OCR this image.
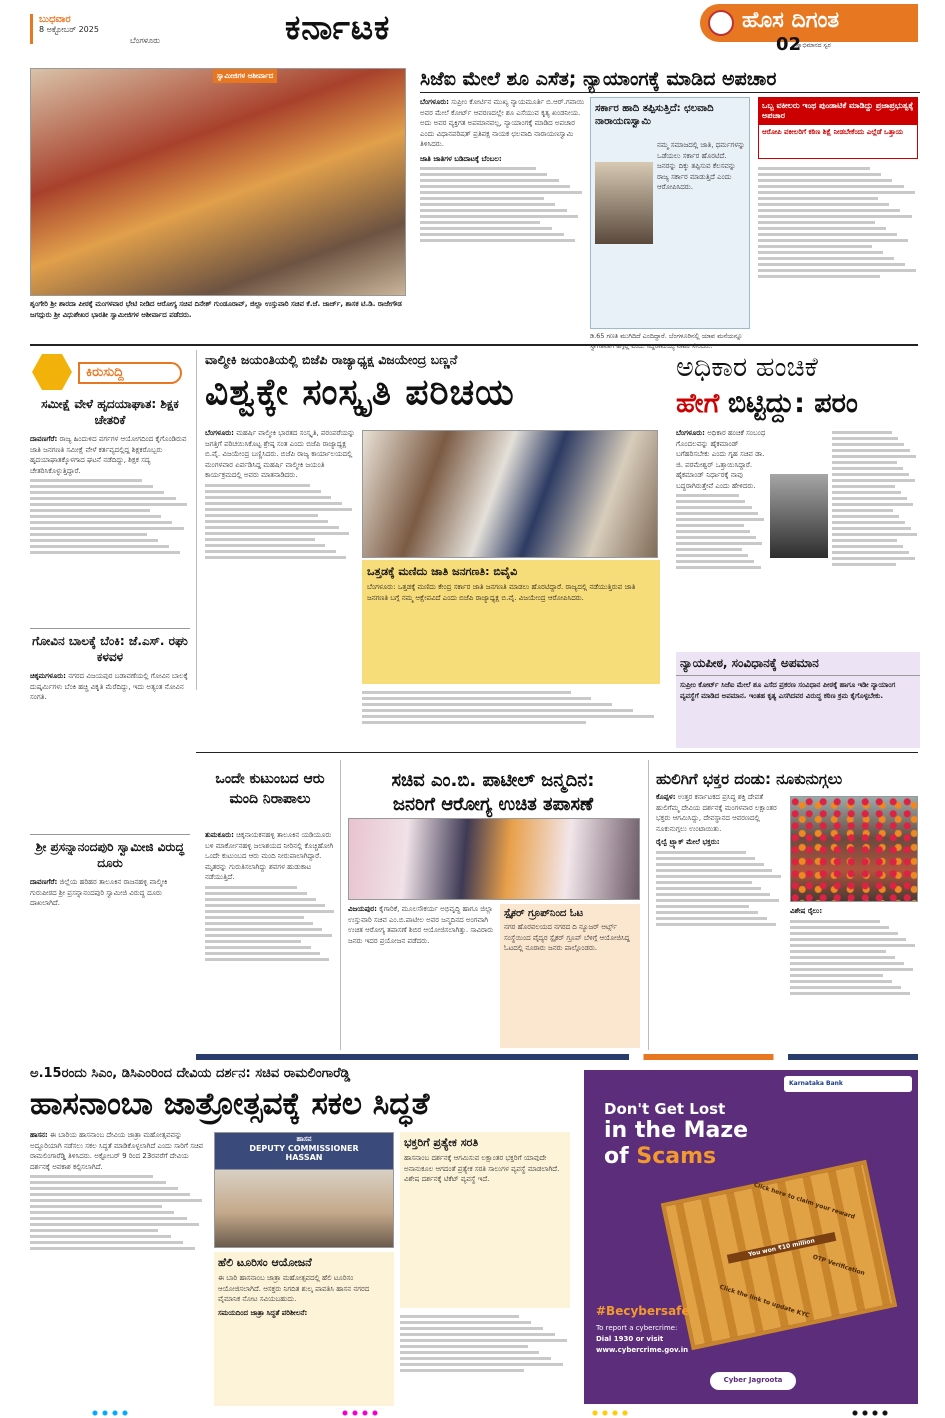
ಬುಧವಾರ
8 ಅಕ್ಟೋಬರ್ 2025
ಬೆಂಗಳೂರು	ಕರ್ನಾಟಕ	ಹೊಸ ದಿಗಂತ
ಸ್ವಾಭಿಮಾನದ ಸ್ವರ
02
ಸ್ವಾಮೀಜಿಗಳ ಆಶೀರ್ವಾದ
ಶೃಂಗೇರಿ ಶ್ರೀ ಶಾರದಾ ಪೀಠಕ್ಕೆ ಮಂಗಳವಾರ ಭೇಟಿ ನೀಡಿದ ಆರೋಗ್ಯ ಸಚಿವ ದಿನೇಶ್ ಗುಂಡೂರಾವ್, ಜಿಲ್ಲಾ ಉಸ್ತುವಾರಿ ಸಚಿವ ಕೆ.ಜೆ. ಜಾರ್ಜ್, ಶಾಸಕ ಟಿ.ಡಿ. ರಾಜೇಗೌಡ ಜಗದ್ಗುರು ಶ್ರೀ ವಿಧುಶೇಖರ ಭಾರತೀ ಸ್ವಾಮೀಜಿಗಳ ಆಶೀರ್ವಾದ ಪಡೆದರು.
ಸಿಜೆಐ ಮೇಲೆ ಶೂ ಎಸೆತ; ನ್ಯಾಯಾಂಗಕ್ಕೆ ಮಾಡಿದ ಅಪಚಾರ
ಬೆಂಗಳೂರು: ಸುಪ್ರೀಂ ಕೋರ್ಟಿನ ಮುಖ್ಯ ನ್ಯಾಯಮೂರ್ತಿ ಬಿ.ಆರ್.ಗವಾಯಿ ಅವರ ಮೇಲೆ ಕೋರ್ಟ್ ಆವರಣದಲ್ಲೇ ಶೂ ಎಸೆಯುವ ಕೃತ್ಯ ಖಂಡನೀಯ. ಅದು ಅವರ ವ್ಯಕ್ತಿಗತ ಅಪಮಾನವಲ್ಲ, ನ್ಯಾಯಾಂಗಕ್ಕೆ ಮಾಡಿದ ಅಪಚಾರ ಎಂದು ವಿಧಾನಪರಿಷತ್ ಪ್ರತಿಪಕ್ಷ ನಾಯಕ ಛಲವಾದಿ ನಾರಾಯಣಸ್ವಾಮಿ ತಿಳಿಸಿದರು.
ಜಾತಿ ಜಾತಿಗಳ ಬಡಿದಾಟಕ್ಕೆ ಬೆಂಬಲ:
ಸರ್ಕಾರ ಹಾದಿ ತಪ್ಪಿಸುತ್ತಿದೆ: ಛಲವಾದಿ ನಾರಾಯಣಸ್ವಾಮಿ
ನಮ್ಮ ಸಮಾಜದಲ್ಲಿ ಜಾತಿ, ಧರ್ಮಗಳನ್ನು ಒಡೆಯಲು ಸರ್ಕಾರ ಹೊರಟಿದೆ. ಜನರನ್ನು ದಿಕ್ಕು ತಪ್ಪಿಸುವ ಕೆಲಸವನ್ನು ರಾಜ್ಯ ಸರ್ಕಾರ ಮಾಡುತ್ತಿದೆ ಎಂದು ಆರೋಪಿಸಿದರು.
ಒಬ್ಬ ವಕೀಲರು ಇಂಥ ಪುಂಡಾಟಿಕೆ ಮಾಡಿದ್ದು ಪ್ರಜಾಪ್ರಭುತ್ವಕ್ಕೆ ಅಪಚಾರ
ಆರೋಪಿ ವಕೀಲರಿಗೆ ಕಠಿಣ ಶಿಕ್ಷೆ ನೀಡಬೇಕೆಂದು ಎಲ್ಲೆಡೆ ಒತ್ತಾಯ
ಡಿ.65 ಗಣತಿ ಮುಗಿದಿದೆ ಎಂದಿದ್ದಾರೆ. ಬೆಂಗಳೂರಿನಲ್ಲಿ ಯಾವ ಮನೆಯನ್ನೂ
ಕಿರುಸುದ್ದಿ
ಸಮೀಕ್ಷೆ ವೇಳೆ ಹೃದಯಾಘಾತ: ಶಿಕ್ಷಕ ಚೇತರಿಕೆ
ದಾವಣಗೆರೆ: ರಾಜ್ಯ ಹಿಂದುಳಿದ ವರ್ಗಗಳ ಆಯೋಗದಿಂದ ಕೈಗೊಂಡಿರುವ ಜಾತಿ ಜನಗಣತಿ ಸಮೀಕ್ಷೆ ವೇಳೆ ಕರ್ತವ್ಯದಲ್ಲಿದ್ದ ಶಿಕ್ಷಕರೊಬ್ಬರು ಹೃದಯಾಘಾತಕ್ಕೊಳಗಾದ ಘಟನೆ ನಡೆದಿದ್ದು, ಶಿಕ್ಷಕ ಸದ್ಯ ಚೇತರಿಸಿಕೊಳ್ಳುತ್ತಿದ್ದಾರೆ.
ಗೋವಿನ ಬಾಲಕ್ಕೆ ಬೆಂಕಿ: ಜೆ.ಎಸ್. ರಘು ಕಳವಳ
ಚಿಕ್ಕಮಗಳೂರು: ನಗರದ ವಿಜಯಪುರ ಬಡಾವಣೆಯಲ್ಲಿ ಗೋವಿನ ಬಾಲಕ್ಕೆ ದುಷ್ಕರ್ಮಿಗಳು ಬೆಂಕಿ ಹಚ್ಚಿ ವಿಕೃತಿ ಮೆರೆದಿದ್ದು, ಇದು ಅತ್ಯಂತ ನೋವಿನ ಸಂಗತಿ.
ಶ್ರೀ ಪ್ರಸನ್ನಾನಂದಪುರಿ ಸ್ವಾಮೀಜಿ ವಿರುದ್ಧ ದೂರು
ದಾವಣಗೆರೆ: ಜಿಲ್ಲೆಯ ಹರಿಹರ ತಾಲೂಕಿನ ರಾಜನಹಳ್ಳಿ ವಾಲ್ಮೀಕಿ ಗುರುಪೀಠದ ಶ್ರೀ ಪ್ರಸನ್ನಾನಂದಪುರಿ ಸ್ವಾಮೀಜಿ ವಿರುದ್ಧ ದೂರು ದಾಖಲಾಗಿದೆ.
ವಾಲ್ಮೀಕಿ ಜಯಂತಿಯಲ್ಲಿ ಬಿಜೆಪಿ ರಾಜ್ಯಾಧ್ಯಕ್ಷ ವಿಜಯೇಂದ್ರ ಬಣ್ಣನೆ
ವಿಶ್ವಕ್ಕೇ ಸಂಸ್ಕೃತಿ ಪರಿಚಯ
ಬೆಂಗಳೂರು: ಮಹರ್ಷಿ ವಾಲ್ಮೀಕಿ ಭಾರತದ ಸಂಸ್ಕೃತಿ, ಪರಂಪರೆಯನ್ನು ಜಗತ್ತಿಗೆ ಪರಿಚಯಿಸಿಕೊಟ್ಟ ಶ್ರೇಷ್ಠ ಸಂತ ಎಂದು ಬಿಜೆಪಿ ರಾಜ್ಯಾಧ್ಯಕ್ಷ ಬಿ.ವೈ. ವಿಜಯೇಂದ್ರ ಬಣ್ಣಿಸಿದರು. ಬಿಜೆಪಿ ರಾಜ್ಯ ಕಾರ್ಯಾಲಯದಲ್ಲಿ ಮಂಗಳವಾರ ಏರ್ಪಡಿಸಿದ್ದ ಮಹರ್ಷಿ ವಾಲ್ಮೀಕಿ ಜಯಂತಿ ಕಾರ್ಯಕ್ರಮದಲ್ಲಿ ಅವರು ಮಾತನಾಡಿದರು.
ಒತ್ತಡಕ್ಕೆ ಮಣಿದು ಜಾತಿ ಜನಗಣತಿ: ಬಿವೈವಿ
ಬೆಂಗಳೂರು: ಒತ್ತಡಕ್ಕೆ ಮಣಿದು ಕೇಂದ್ರ ಸರ್ಕಾರ ಜಾತಿ ಜನಗಣತಿ ಮಾಡಲು ಹೊರಟಿದ್ದಾರೆ. ರಾಜ್ಯದಲ್ಲಿ ನಡೆಯುತ್ತಿರುವ ಜಾತಿ ಜನಗಣತಿ ಬಗ್ಗೆ ನಮ್ಮ ಆಕ್ಷೇಪವಿದೆ ಎಂದು ಬಿಜೆಪಿ ರಾಜ್ಯಾಧ್ಯಕ್ಷ ಬಿ.ವೈ. ವಿಜಯೇಂದ್ರ ಆರೋಪಿಸಿದರು.
ಅಧಿಕಾರ ಹಂಚಿಕೆ
ಹೇಗೆ ಬಿಟ್ಟಿದ್ದು: ಪರಂ
ಬೆಂಗಳೂರು: ಅಧಿಕಾರ ಹಂಚಿಕೆ ಸಂಬಂಧ ಗೊಂದಲವನ್ನು ಹೈಕಮಾಂಡ್ ಬಗೆಹರಿಸಬೇಕು ಎಂದು ಗೃಹ ಸಚಿವ ಡಾ. ಜಿ. ಪರಮೇಶ್ವರ್ ಒತ್ತಾಯಿಸಿದ್ದಾರೆ. ಹೈಕಮಾಂಡ್ ನಿರ್ಧಾರಕ್ಕೆ ನಾವು ಬದ್ಧರಾಗಿರುತ್ತೇವೆ ಎಂದು ಹೇಳಿದರು.
ನ್ಯಾಯಪೀಠ, ಸಂವಿಧಾನಕ್ಕೆ ಅಪಮಾನ
ಸುಪ್ರೀಂ ಕೋರ್ಟ್ ಸಿಜೆಐ ಮೇಲೆ ಶೂ ಎಸೆದ ಪ್ರಕರಣ ಸಂವಿಧಾನ ಪೀಠಕ್ಕೆ ಹಾಗೂ ಇಡೀ ನ್ಯಾಯಾಂಗ ವ್ಯವಸ್ಥೆಗೆ ಮಾಡಿದ ಅಪಮಾನ. ಇಂತಹ ಕೃತ್ಯ ಎಸಗಿದವರ ವಿರುದ್ಧ ಕಠಿಣ ಕ್ರಮ ಕೈಗೊಳ್ಳಬೇಕು.
ಒಂದೇ ಕುಟುಂಬದ ಆರು ಮಂದಿ ನಿರಾಪಾಲು
ತುಮಕೂರು: ಚಿಕ್ಕನಾಯಕನಹಳ್ಳಿ ತಾಲೂಕಿನ ಯಡಿಯೂರು ಬಳಿ ಮಾರ್ಕೋನಹಳ್ಳಿ ಜಲಾಶಯದ ನೀರಿನಲ್ಲಿ ಕೊಚ್ಚಿಹೋಗಿ ಒಂದೇ ಕುಟುಂಬದ ಆರು ಮಂದಿ ನೀರುಪಾಲಾಗಿದ್ದಾರೆ. ಮೃತರನ್ನು ಗುರುತಿಸಲಾಗಿದ್ದು ಶವಗಳ ಹುಡುಕಾಟ ನಡೆಯುತ್ತಿದೆ.
ಸಚಿವ ಎಂ.ಬಿ. ಪಾಟೀಲ್ ಜನ್ಮದಿನ:
ಜನರಿಗೆ ಆರೋಗ್ಯ ಉಚಿತ ತಪಾಸಣೆ
ವಿಜಯಪುರ: ಕೈಗಾರಿಕೆ, ಮೂಲಸೌಕರ್ಯ ಅಭಿವೃದ್ಧಿ ಹಾಗೂ ಜಿಲ್ಲಾ ಉಸ್ತುವಾರಿ ಸಚಿವ ಎಂ.ಬಿ.ಪಾಟೀಲ ಅವರ ಜನ್ಮದಿನದ ಅಂಗವಾಗಿ ಉಚಿತ ಆರೋಗ್ಯ ತಪಾಸಣೆ ಶಿಬಿರ ಆಯೋಜಿಸಲಾಗಿತ್ತು. ಸಾವಿರಾರು ಜನರು ಇದರ ಪ್ರಯೋಜನ ಪಡೆದರು.
ಸ್ಪೈಕರ್ ಗ್ರೂಪ್‌ನಿಂದ ಓಟ
ನಗರ ಹೊರವಲಯದ ನಗರದ ದಿ ನ್ಯೂಜರ್ ಆರ್ಟ್ಸ್ ಸಂಸ್ಥೆಯಿಂದ ವೈದ್ಯರ ಸ್ಪೈಕರ್ ಗ್ರೂಪ್ ಬೆಳಿಗ್ಗೆ ಆಯೋಜಿಸಿದ್ದ ಓಟದಲ್ಲಿ ನೂರಾರು ಜನರು ಪಾಲ್ಗೊಂಡರು.
ಹುಲಿಗಿಗೆ ಭಕ್ತರ ದಂಡು: ನೂಕುನುಗ್ಗಲು
ಕೊಪ್ಪಳ: ಉತ್ತರ ಕರ್ನಾಟಕದ ಪ್ರಸಿದ್ಧ ಶಕ್ತಿ ದೇವತೆ ಹುಲಿಗೆಮ್ಮ ದೇವಿಯ ದರ್ಶನಕ್ಕೆ ಮಂಗಳವಾರ ಲಕ್ಷಾಂತರ ಭಕ್ತರು ಆಗಮಿಸಿದ್ದು, ದೇವಸ್ಥಾನದ ಆವರಣದಲ್ಲಿ ನೂಕುನುಗ್ಗಲು ಉಂಟಾಯಿತು.
ರೈಲ್ವೆ ಟ್ರ್ಯಾಕ್ ಮೇಲೆ ಭಕ್ತರು:
ವಿಶೇಷ ರೈಲು:
ಅ.15ರಂದು ಸಿಎಂ, ಡಿಸಿಎಂರಿಂದ ದೇವಿಯ ದರ್ಶನ: ಸಚಿವ ರಾಮಲಿಂಗಾರೆಡ್ಡಿ
ಹಾಸನಾಂಬಾ ಜಾತ್ರೋತ್ಸವಕ್ಕೆ ಸಕಲ ಸಿದ್ಧತೆ
ಹಾಸನ: ಈ ಬಾರಿಯ ಹಾಸನಾಂಬ ದೇವಿಯ ಜಾತ್ರಾ ಮಹೋತ್ಸವವನ್ನು ಅದ್ದೂರಿಯಾಗಿ ನಡೆಸಲು ಸಕಲ ಸಿದ್ಧತೆ ಮಾಡಿಕೊಳ್ಳಲಾಗಿದೆ ಎಂದು ಸಾರಿಗೆ ಸಚಿವ ರಾಮಲಿಂಗಾರೆಡ್ಡಿ ತಿಳಿಸಿದರು. ಅಕ್ಟೋಬರ್ 9 ರಿಂದ 23ರವರೆಗೆ ದೇವಿಯ ದರ್ಶನಕ್ಕೆ ಅವಕಾಶ ಕಲ್ಪಿಸಲಾಗಿದೆ.
ಹಾಸನ
DEPUTY COMMISSIONER
HASSAN
ಹೆಲಿ ಟೂರಿಸಂ ಆಯೋಜನೆ
ಈ ಬಾರಿ ಹಾಸನಾಂಬ ಜಾತ್ರಾ ಮಹೋತ್ಸವದಲ್ಲಿ ಹೆಲಿ ಟೂರಿಸಂ ಆಯೋಜಿಸಲಾಗಿದೆ. ಆಸಕ್ತರು ನಿಗದಿತ ಶುಲ್ಕ ಪಾವತಿಸಿ ಹಾಸನ ನಗರದ ವೈಮಾನಿಕ ನೋಟ ಸವಿಯಬಹುದು.
ಸಮಯದಿಂದ ಜಾತ್ರಾ ಸಿದ್ಧತೆ ಪರಿಶೀಲನೆ:
ಭಕ್ತರಿಗೆ ಪ್ರತ್ಯೇಕ ಸರತಿ
ಹಾಸನಾಂಬ ದರ್ಶನಕ್ಕೆ ಆಗಮಿಸುವ ಲಕ್ಷಾಂತರ ಭಕ್ತರಿಗೆ ಯಾವುದೇ ಅನಾನುಕೂಲ ಆಗದಂತೆ ಪ್ರತ್ಯೇಕ ಸರತಿ ಸಾಲುಗಳ ವ್ಯವಸ್ಥೆ ಮಾಡಲಾಗಿದೆ. ವಿಶೇಷ ದರ್ಶನಕ್ಕೆ ಟಿಕೆಟ್ ವ್ಯವಸ್ಥೆ ಇದೆ.
Karnataka Bank
Don't Get Lost
in the Maze
of Scams
You won ₹10 million
Click here to claim your reward
OTP Verification
Click the link to update KYC
#Becybersafe
To report a cybercrime:
Dial 1930 or visit
www.cybercrime.gov.in
Cyber Jagroota
